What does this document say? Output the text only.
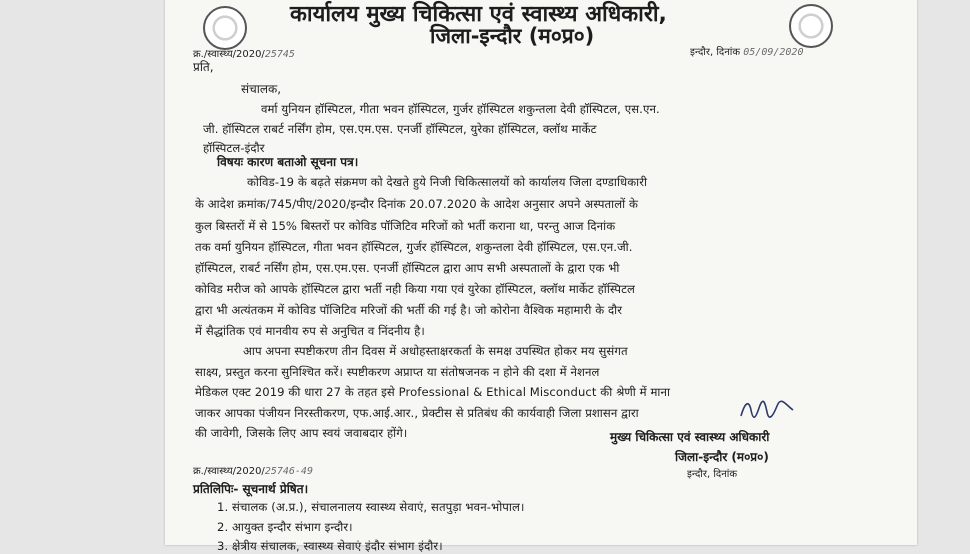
कार्यालय मुख्य चिकित्सा एवं स्वास्थ्य अधिकारी,
जिला-इन्दौर (म०प्र०)
क्र./स्वास्थ्य/2020/25745	इन्दौर, दिनांक 05/09/2020
प्रति,
संचालक,
वर्मा युनियन हॉस्पिटल, गीता भवन हॉस्पिटल, गुर्जर हॉस्पिटल शकुन्तला देवी हॉस्पिटल, एस.एन.
जी. हॉस्पिटल राबर्ट नर्सिंग होम, एस.एम.एस. एनर्जी हॉस्पिटल, युरेका हॉस्पिटल, क्लॉथ मार्केट
हॉस्पिटल-इंदौर
विषयः कारण बताओ सूचना पत्र।
कोविड-19 के बढ़ते संक्रमण को देखते हुये निजी चिकित्सालयों को कार्यालय जिला दण्डाधिकारी
के आदेश क्रमांक/745/पीए/2020/इन्दौर दिनांक 20.07.2020 के आदेश अनुसार अपने अस्पतालों के
कुल बिस्तरों में से 15% बिस्तरों पर कोविड पॉजिटिव मरिजों को भर्ती कराना था, परन्तु आज दिनांक
तक वर्मा युनियन हॉस्पिटल, गीता भवन हॉस्पिटल, गुर्जर हॉस्पिटल, शकुन्तला देवी हॉस्पिटल, एस.एन.जी.
हॉस्पिटल, राबर्ट नर्सिंग होम, एस.एम.एस. एनर्जी हॉस्पिटल द्वारा आप सभी अस्पतालों के द्वारा एक भी
कोविड मरीज को आपके हॉस्पिटल द्वारा भर्ती नही किया गया एवं युरेका हॉस्पिटल, क्लॉथ मार्केट हॉस्पिटल
द्वारा भी अत्यंतकम में कोविड पॉजिटिव मरिजों की भर्ती की गई है। जो कोरोना वैश्विक महामारी के दौर
में सैद्धांतिक एवं मानवीय रुप से अनुचित व निंदनीय है।
आप अपना स्पष्टीकरण तीन दिवस में अधोहस्ताक्षरकर्ता के समक्ष उपस्थित होकर मय सुसंगत
साक्ष्य, प्रस्तुत करना सुनिश्चित करें। स्पष्टीकरण अप्राप्त या संतोषजनक न होने की दशा में नेशनल
मेडिकल एक्ट 2019 की धारा 27 के तहत इसे Professional & Ethical Misconduct की श्रेणी में माना
जाकर आपका पंजीयन निरस्तीकरण, एफ.आई.आर., प्रेक्टीस से प्रतिबंध की कार्यवाही जिला प्रशासन द्वारा
की जावेगी, जिसके लिए आप स्वयं जवाबदार होंगे।	मुख्य चिकित्सा एवं स्वास्थ्य अधिकारी
जिला-इन्दौर (म०प्र०)
क्र./स्वास्थ्य/2020/25746-49	इन्दौर, दिनांक
प्रतिलिपिः- सूचनार्थ प्रेषित।
1. संचालक (अ.प्र.), संचालनालय स्वास्थ्य सेवाएं, सतपुड़ा भवन-भोपाल।
2. आयुक्त इन्दौर संभाग इन्दौर।
3. क्षेत्रीय संचालक, स्वास्थ्य सेवाएं इंदौर संभाग इंदौर।
